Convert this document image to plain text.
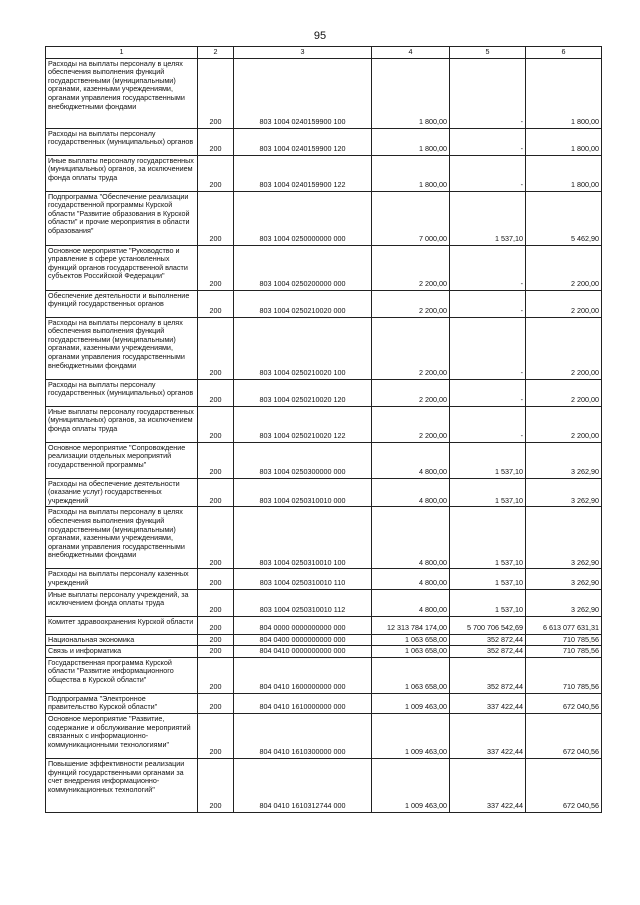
95
1	2	3	4	5	6
Расходы на выплаты персоналу в целях обеспечения выполнения функций государственными (муниципальными) органами, казенными учреждениями, органами управления государственными внебюджетными фондами	200	803 1004 0240159900 100	1 800,00	-	1 800,00
Расходы на выплаты персоналу государственных (муниципальных) органов	200	803 1004 0240159900 120	1 800,00	-	1 800,00
Иные выплаты персоналу государственных (муниципальных) органов, за исключением фонда оплаты труда	200	803 1004 0240159900 122	1 800,00	-	1 800,00
Подпрограмма "Обеспечение реализации государственной программы Курской области "Развитие образования в Курской области" и прочие мероприятия в области образования"	200	803 1004 0250000000 000	7 000,00	1 537,10	5 462,90
Основное мероприятие "Руководство и управление в сфере установленных функций органов государственной власти субъектов Российской Федерации"	200	803 1004 0250200000 000	2 200,00	-	2 200,00
Обеспечение деятельности и выполнение функций государственных органов	200	803 1004 0250210020 000	2 200,00	-	2 200,00
Расходы на выплаты персоналу в целях обеспечения выполнения функций государственными (муниципальными) органами, казенными учреждениями, органами управления государственными внебюджетными фондами	200	803 1004 0250210020 100	2 200,00	-	2 200,00
Расходы на выплаты персоналу государственных (муниципальных) органов	200	803 1004 0250210020 120	2 200,00	-	2 200,00
Иные выплаты персоналу государственных (муниципальных) органов, за исключением фонда оплаты труда	200	803 1004 0250210020 122	2 200,00	-	2 200,00
Основное мероприятие "Сопровождение реализации отдельных мероприятий государственной программы"	200	803 1004 0250300000 000	4 800,00	1 537,10	3 262,90
Расходы на обеспечение деятельности (оказание услуг) государственных учреждений	200	803 1004 0250310010 000	4 800,00	1 537,10	3 262,90
Расходы на выплаты персоналу в целях обеспечения выполнения функций государственными (муниципальными) органами, казенными учреждениями, органами управления государственными внебюджетными фондами	200	803 1004 0250310010 100	4 800,00	1 537,10	3 262,90
Расходы на выплаты персоналу казенных учреждений	200	803 1004 0250310010 110	4 800,00	1 537,10	3 262,90
Иные выплаты персоналу учреждений, за исключением фонда оплаты труда	200	803 1004 0250310010 112	4 800,00	1 537,10	3 262,90
Комитет здравоохранения Курской области	200	804 0000 0000000000 000	12 313 784 174,00	5 700 706 542,69	6 613 077 631,31
Национальная экономика	200	804 0400 0000000000 000	1 063 658,00	352 872,44	710 785,56
Связь и информатика	200	804 0410 0000000000 000	1 063 658,00	352 872,44	710 785,56
Государственная программа Курской области "Развитие информационного общества в Курской области"	200	804 0410 1600000000 000	1 063 658,00	352 872,44	710 785,56
Подпрограмма "Электронное правительство Курской области"	200	804 0410 1610000000 000	1 009 463,00	337 422,44	672 040,56
Основное мероприятие "Развитие, содержание и обслуживание мероприятий связанных с информационно-коммуникационными технологиями"	200	804 0410 1610300000 000	1 009 463,00	337 422,44	672 040,56
Повышение эффективности реализации функций государственными органами за счет внедрения информационно-коммуникационных технологий"	200	804 0410 1610312744 000	1 009 463,00	337 422,44	672 040,56
